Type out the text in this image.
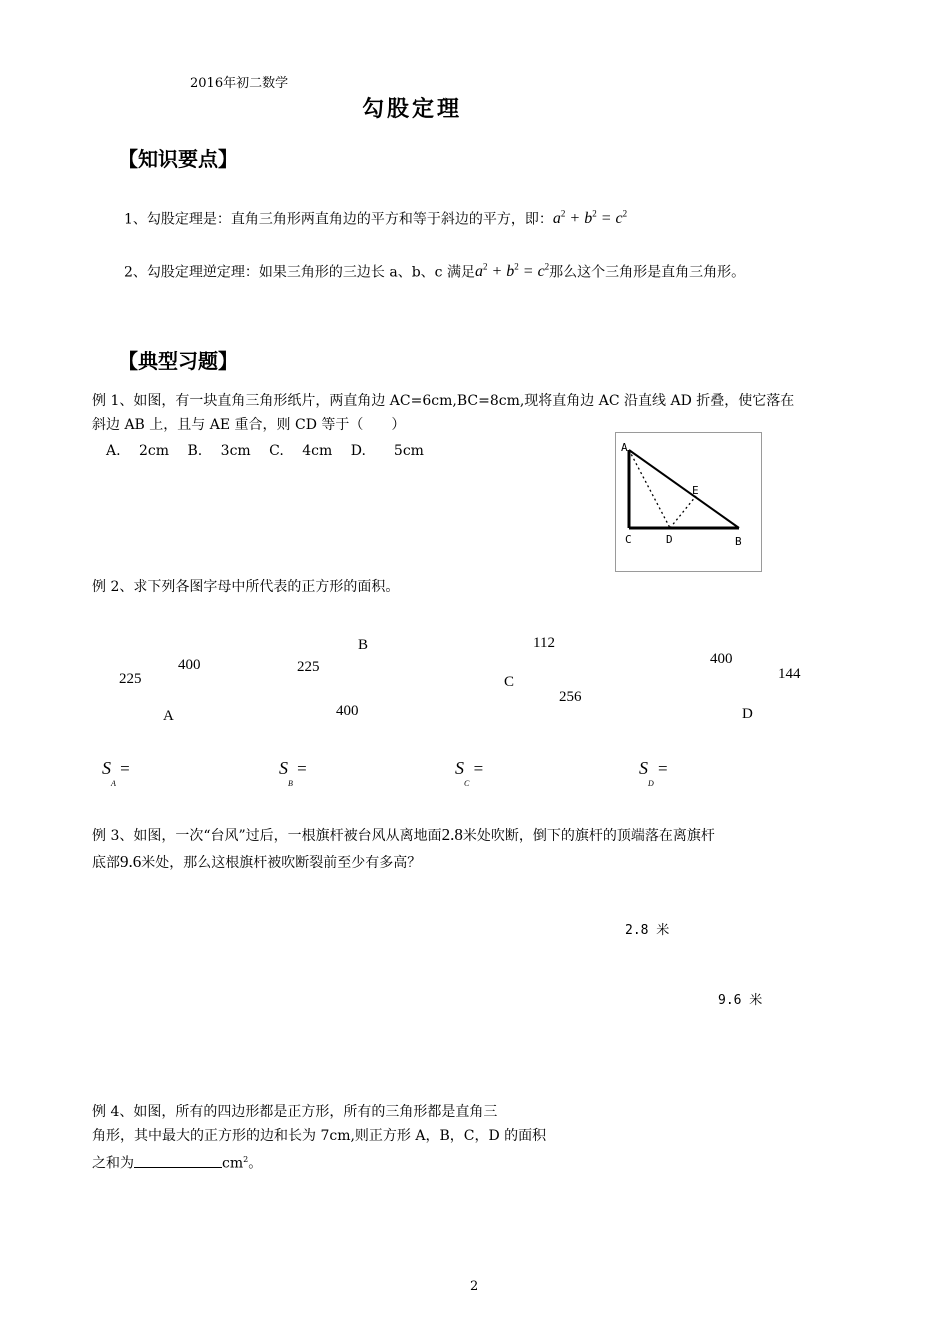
2016年初二数学
勾股定理
【知识要点】
1、勾股定理是：直角三角形两直角边的平方和等于斜边的平方，即：$a^2 + b^2 = c^2$
2、勾股定理逆定理：如果三角形的三边长 a、b、c 满足$a^2 + b^2 = c^2$那么这个三角形是直角三角形。
【典型习题】
例 1、如图，有一块直角三角形纸片，两直角边 AC=6cm,BC=8cm,现将直角边 AC 沿直线 AD 折叠，使它落在
斜边 AB 上，且与 AE 重合，则 CD 等于（　　）
A.　 2cm　 B.　 3cm　 C.　 4cm　 D.　　5cm	A
E
C	D	B
例 2、求下列各图字母中所代表的正方形的面积。
400
225
A
B
225
400
112
C
256
400
144
D
$S_A$ =	$S_B$ =	$S_C$ =	$S_D$ =
例 3、如图，一次“台风”过后，一根旗杆被台风从离地面2.8米处吹断，倒下的旗杆的顶端落在离旗杆
底部9.6米处，那么这根旗杆被吹断裂前至少有多高？
2.8 米
9.6 米
例 4、如图，所有的四边形都是正方形，所有的三角形都是直角三
角形，其中最大的正方形的边和长为 7cm,则正方形 A，B，C，D 的面积
之和为	$cm^2$。
2
